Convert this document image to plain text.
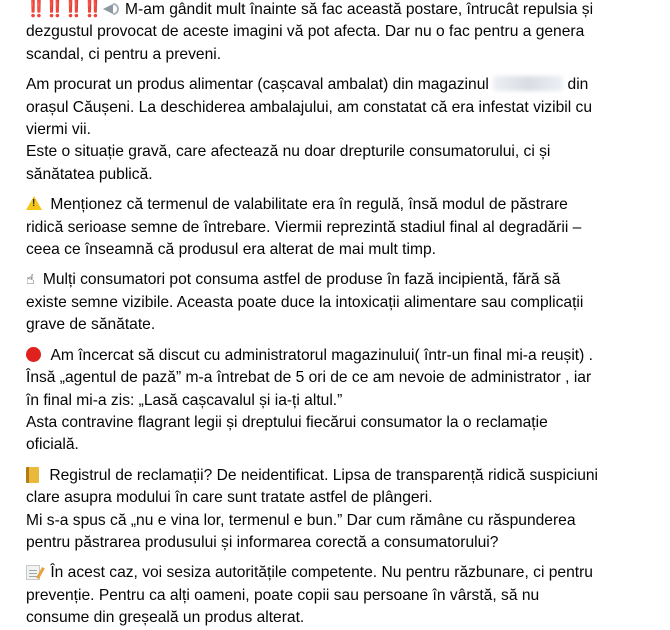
‼️‼️‼️‼️ M-am gândit mult înainte să fac această postare, întrucât repulsia și
dezgustul provocat de aceste imagini vă pot afecta. Dar nu o fac pentru a genera
scandal, ci pentru a preveni.

Am procurat un produs alimentar (cașcaval ambalat) din magazinul	din
orașul Căușeni. La deschiderea ambalajului, am constatat că era infestat vizibil cu
viermi vii.
Este o situație gravă, care afectează nu doar drepturile consumatorului, ci și
sănătatea publică.

! Menționez că termenul de valabilitate era în regulă, însă modul de păstrare
ridică serioase semne de întrebare. Viermii reprezintă stadiul final al degradării –
ceea ce înseamnă că produsul era alterat de mai mult timp.

☝ Mulți consumatori pot consuma astfel de produse în fază incipientă, fără să
existe semne vizibile. Aceasta poate duce la intoxicații alimentare sau complicații
grave de sănătate.

Am încercat să discut cu administratorul magazinului( într-un final mi-a reușit) .
Însă „agentul de pază” m-a întrebat de 5 ori de ce am nevoie de administrator , iar
în final mi-a zis: „Lasă cașcavalul și ia-ți altul.”
Asta contravine flagrant legii și dreptului fiecărui consumator la o reclamație
oficială.

Registrul de reclamații? De neidentificat. Lipsa de transparență ridică suspiciuni
clare asupra modului în care sunt tratate astfel de plângeri.
Mi s-a spus că „nu e vina lor, termenul e bun.” Dar cum rămâne cu răspunderea
pentru păstrarea produsului și informarea corectă a consumatorului?

În acest caz, voi sesiza autoritățile competente. Nu pentru răzbunare, ci pentru
prevenție. Pentru ca alți oameni, poate copii sau persoane în vârstă, să nu
consume din greșeală un produs alterat.
